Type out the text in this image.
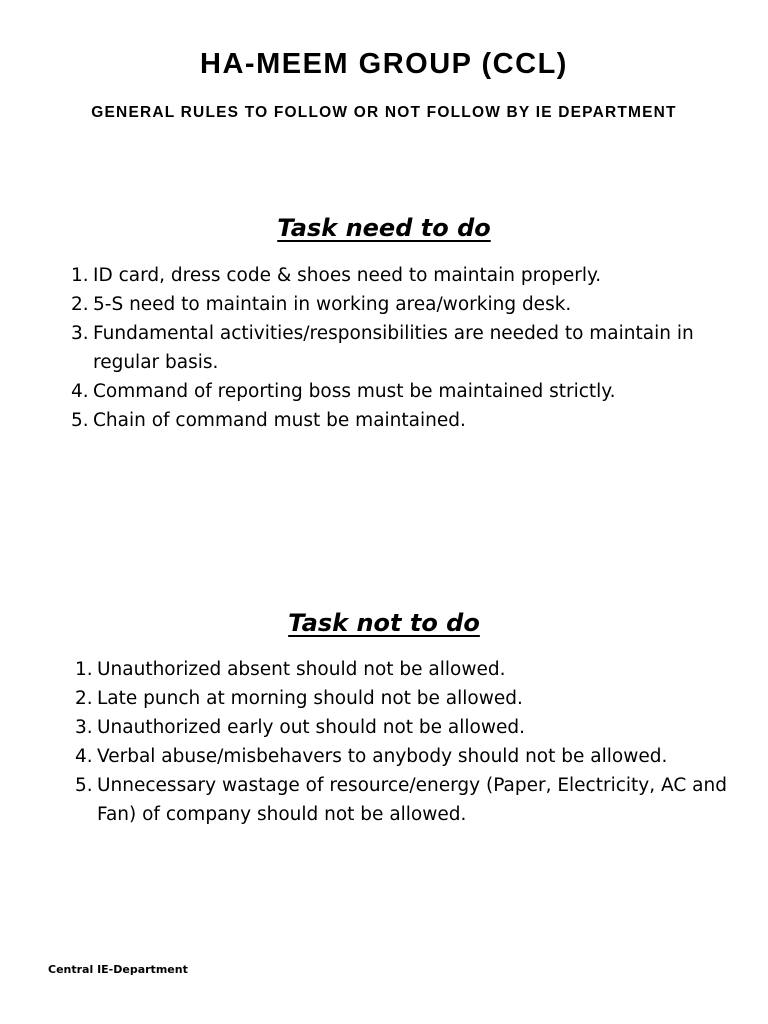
HA-MEEM GROUP (CCL)
GENERAL RULES TO FOLLOW OR NOT FOLLOW BY IE DEPARTMENT
Task need to do
1. ID card, dress code & shoes need to maintain properly.
2. 5-S need to maintain in working area/working desk.
3. Fundamental activities/responsibilities are needed to maintain in regular basis.
4. Command of reporting boss must be maintained strictly.
5. Chain of command must be maintained.
Task not to do
1. Unauthorized absent should not be allowed.
2. Late punch at morning should not be allowed.
3. Unauthorized early out should not be allowed.
4. Verbal abuse/misbehavers to anybody should not be allowed.
5. Unnecessary wastage of resource/energy (Paper, Electricity, AC and Fan) of company should not be allowed.

Central IE-Department
